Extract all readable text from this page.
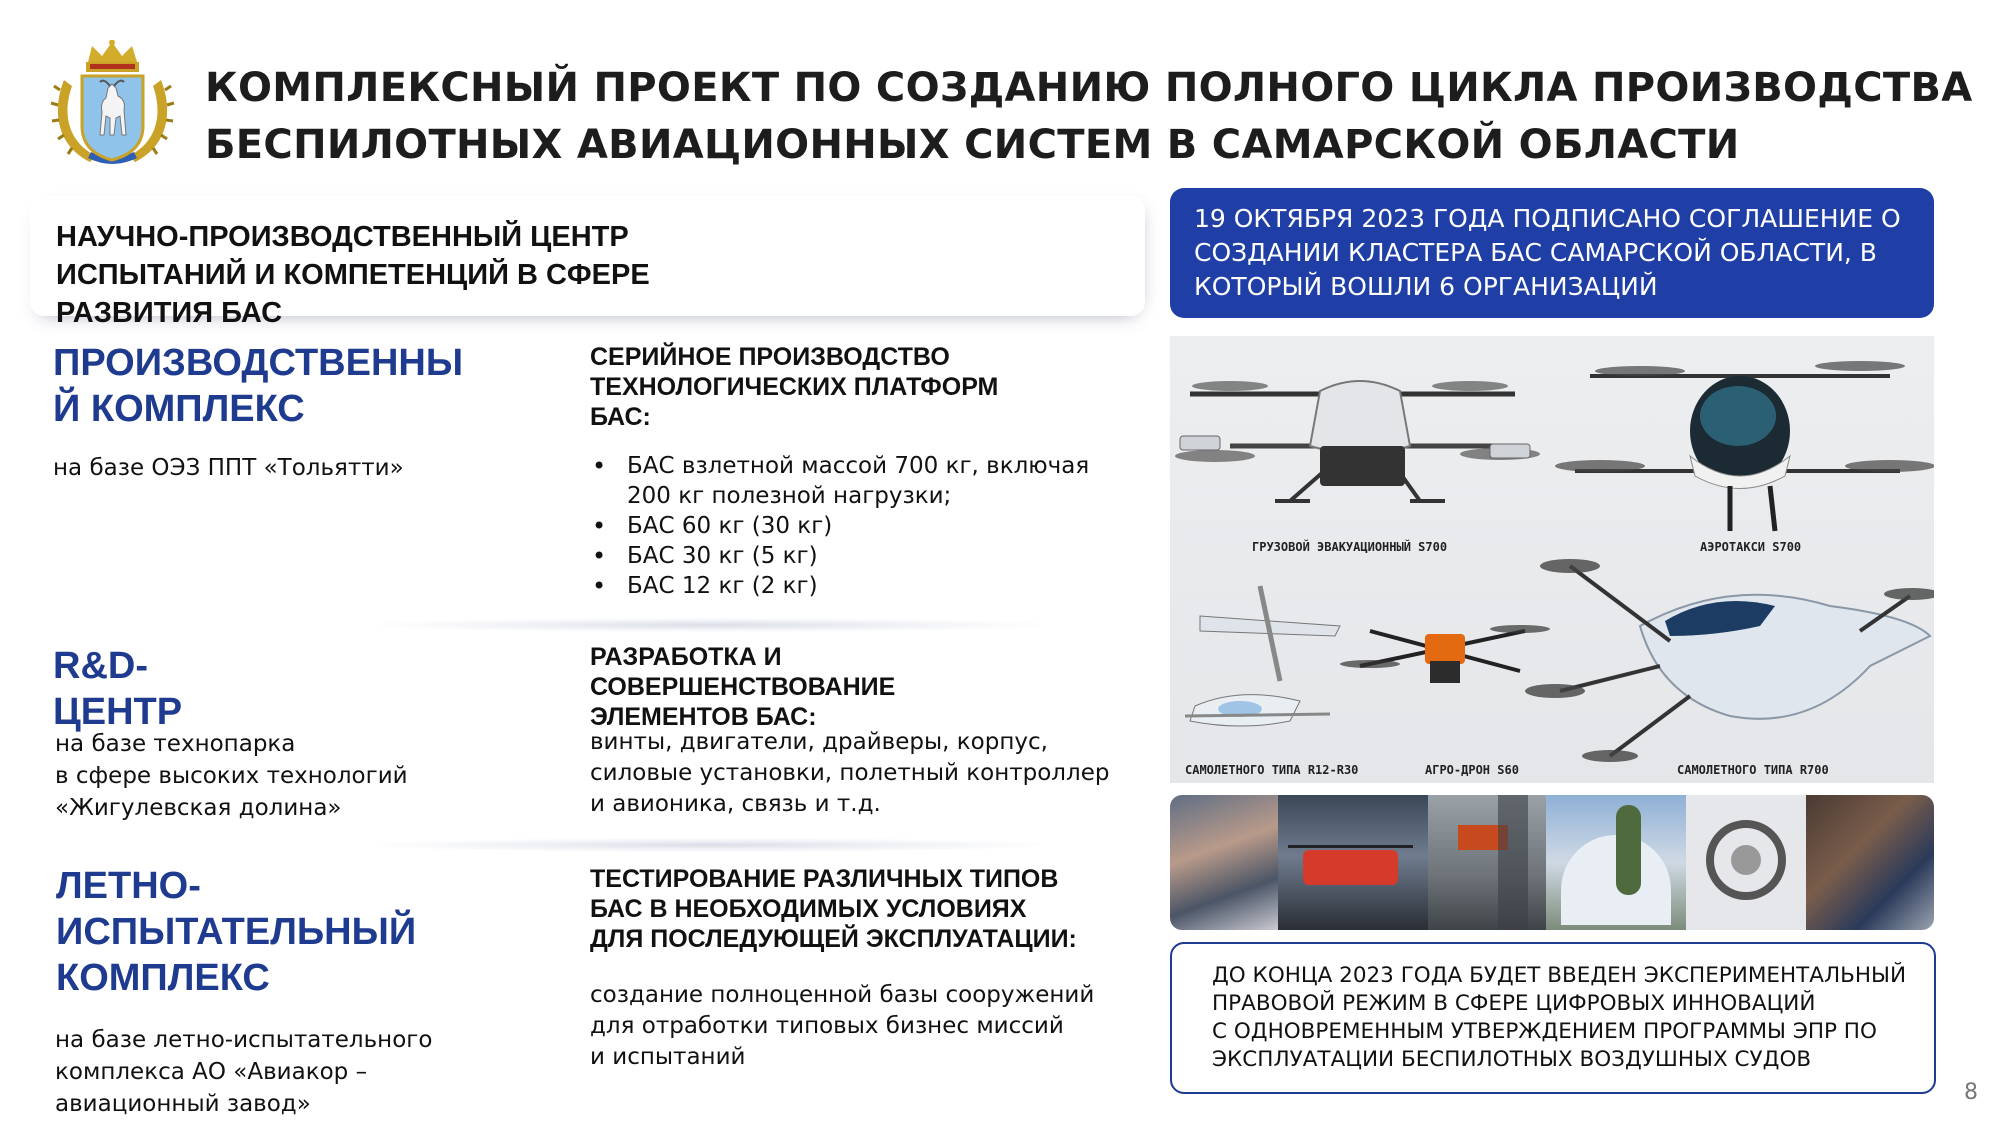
КОМПЛЕКСНЫЙ ПРОЕКТ ПО СОЗДАНИЮ ПОЛНОГО ЦИКЛА ПРОИЗВОДСТВА
БЕСПИЛОТНЫХ АВИАЦИОННЫХ СИСТЕМ В САМАРСКОЙ ОБЛАСТИ
НАУЧНО-ПРОИЗВОДСТВЕННЫЙ ЦЕНТР
ИСПЫТАНИЙ И КОМПЕТЕНЦИЙ В СФЕРЕ
РАЗВИТИЯ БАС
ПРОИЗВОДСТВЕННЫ
Й КОМПЛЕКС
на базе ОЭЗ ППТ «Тольятти»
СЕРИЙНОЕ ПРОИЗВОДСТВО
ТЕХНОЛОГИЧЕСКИХ ПЛАТФОРМ
БАС:
• БАС взлетной массой 700 кг, включая
200 кг полезной нагрузки;
• БАС 60 кг (30 кг)
• БАС 30 кг (5 кг)
• БАС 12 кг (2 кг)
R&D-
ЦЕНТР
на базе технопарка
в сфере высоких технологий
«Жигулевская долина»
РАЗРАБОТКА И
СОВЕРШЕНСТВОВАНИЕ
ЭЛЕМЕНТОВ БАС:
винты, двигатели, драйверы, корпус,
силовые установки, полетный контроллер
и авионика, связь и т.д.
ЛЕТНО-
ИСПЫТАТЕЛЬНЫЙ
КОМПЛЕКС
на базе летно-испытательного
комплекса АО «Авиакор –
авиационный завод»
ТЕСТИРОВАНИЕ РАЗЛИЧНЫХ ТИПОВ
БАС В НЕОБХОДИМЫХ УСЛОВИЯХ
ДЛЯ ПОСЛЕДУЮЩЕЙ ЭКСПЛУАТАЦИИ:
создание полноценной базы сооружений
для отработки типовых бизнес миссий
и испытаний
19 ОКТЯБРЯ 2023 ГОДА ПОДПИСАНО СОГЛАШЕНИЕ О
СОЗДАНИИ КЛАСТЕРА БАС САМАРСКОЙ ОБЛАСТИ, В
КОТОРЫЙ ВОШЛИ 6 ОРГАНИЗАЦИЙ
ГРУЗОВОЙ ЭВАКУАЦИОННЫЙ S700	АЭРОТАКСИ S700
САМОЛЕТНОГО ТИПА R12-R30	АГРО-ДРОН S60	САМОЛЕТНОГО ТИПА R700
ДО КОНЦА 2023 ГОДА БУДЕТ ВВЕДЕН ЭКСПЕРИМЕНТАЛЬНЫЙ
ПРАВОВОЙ РЕЖИМ В СФЕРЕ ЦИФРОВЫХ ИННОВАЦИЙ
С ОДНОВРЕМЕННЫМ УТВЕРЖДЕНИЕМ ПРОГРАММЫ ЭПР ПО
ЭКСПЛУАТАЦИИ БЕСПИЛОТНЫХ ВОЗДУШНЫХ СУДОВ
8
